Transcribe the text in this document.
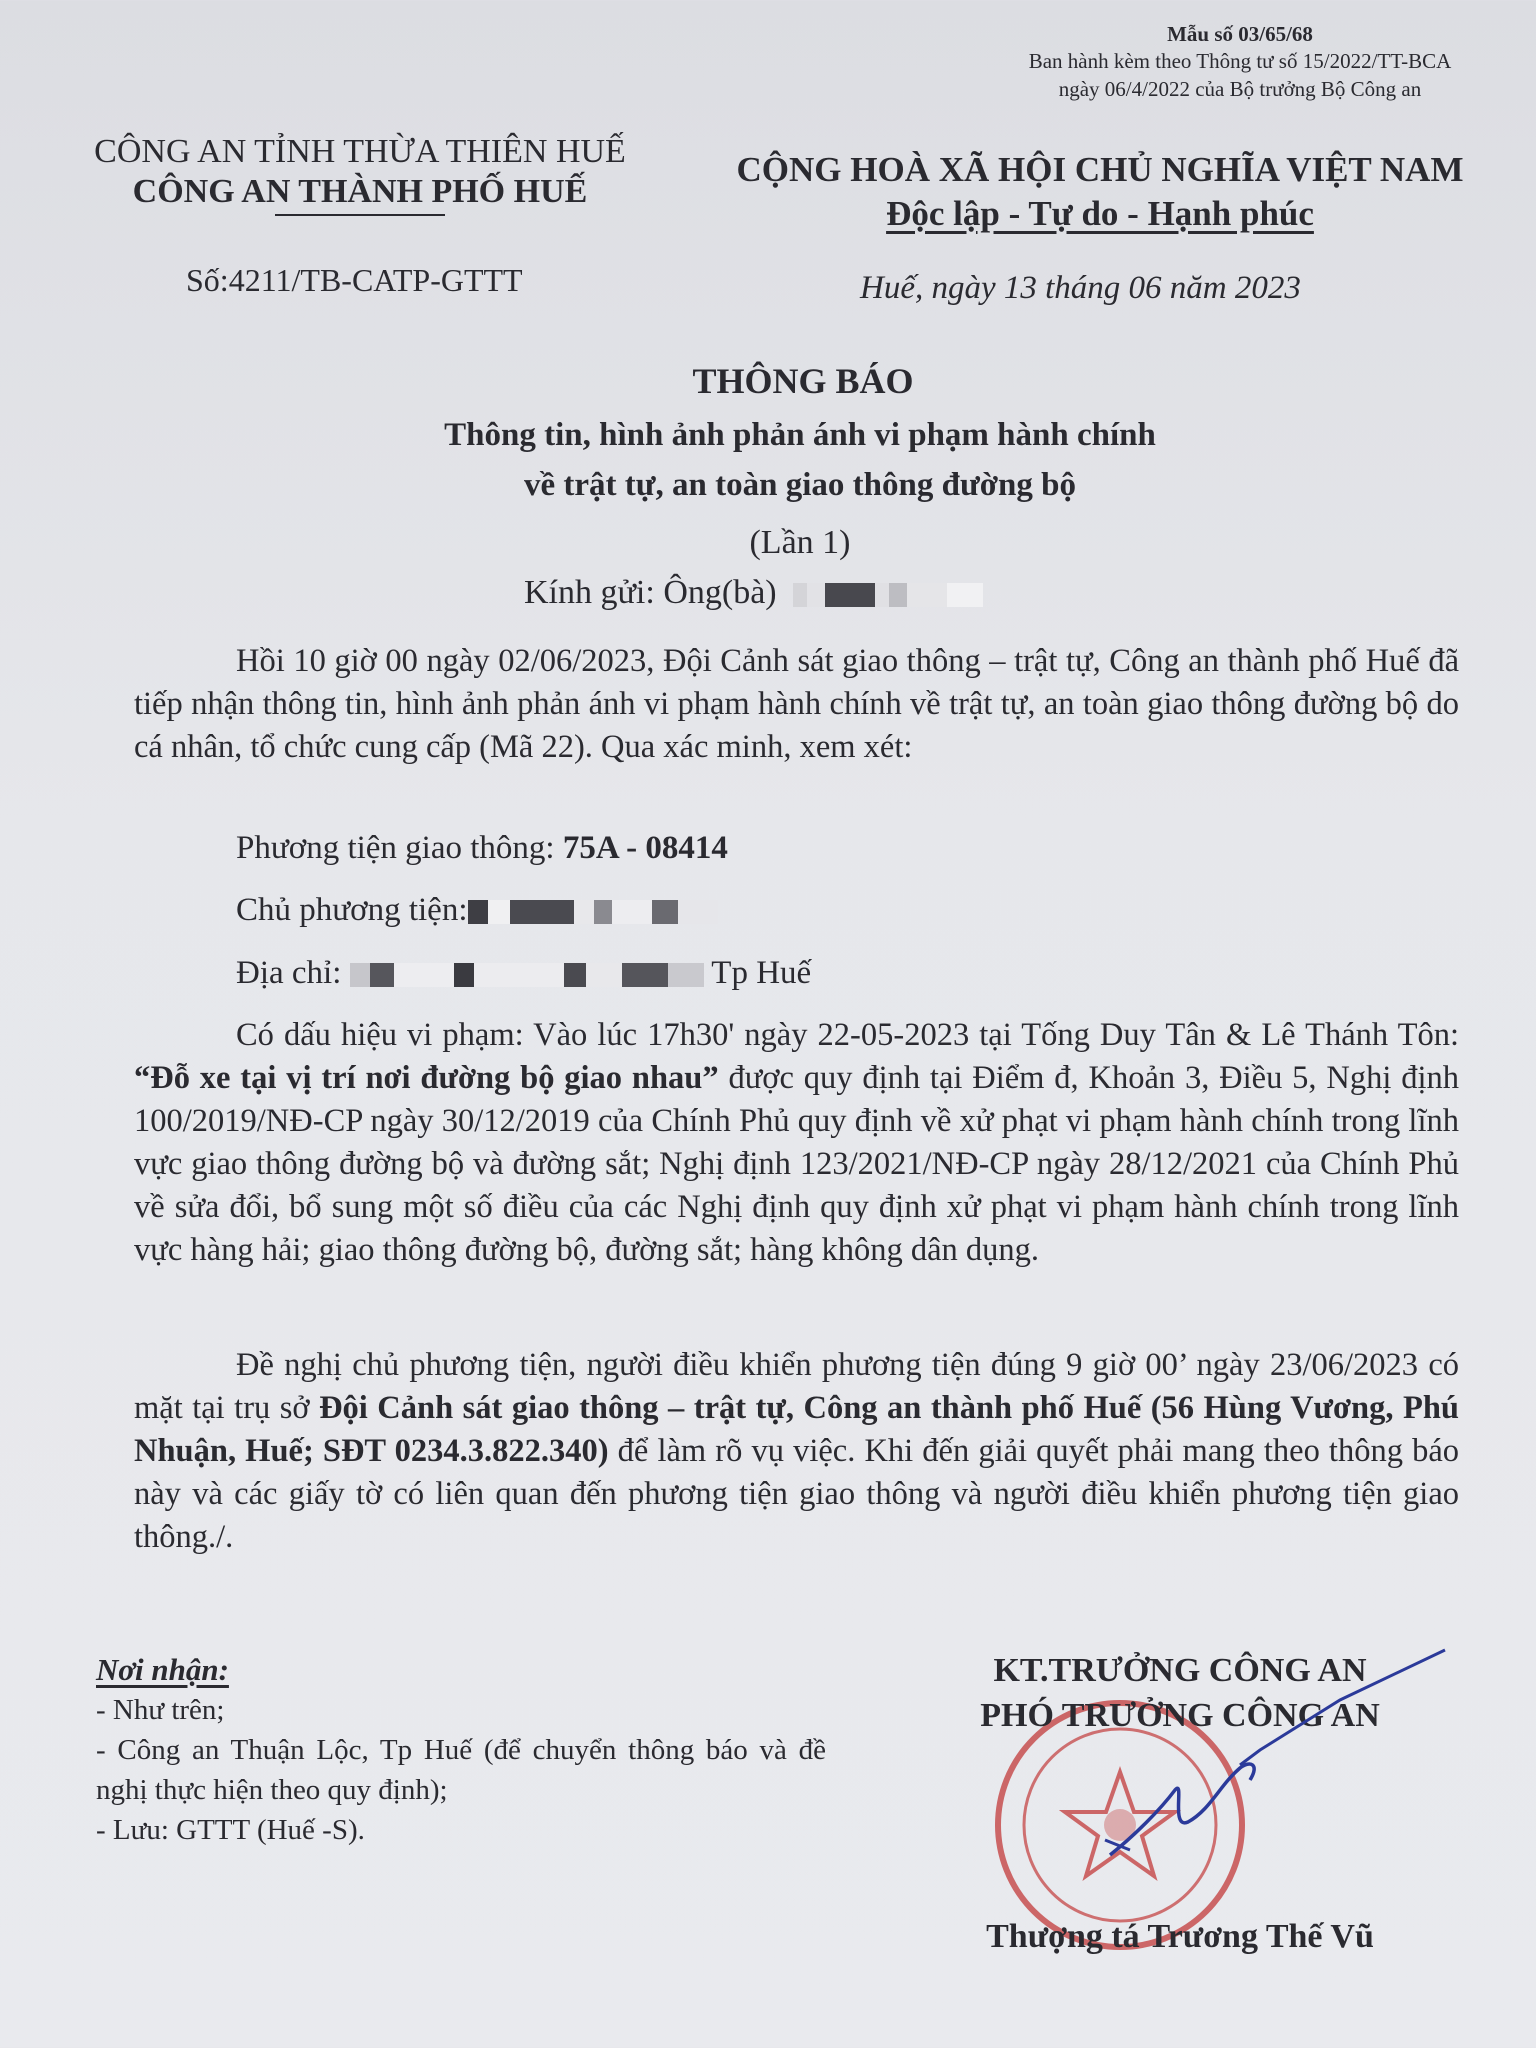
Mẫu số 03/65/68
Ban hành kèm theo Thông tư số 15/2022/TT-BCA
ngày 06/4/2022 của Bộ trưởng Bộ Công an
CÔNG AN TỈNH THỪA THIÊN HUẾ
CÔNG AN THÀNH PHỐ HUẾ
Số:4211/TB-CATP-GTTT
CỘNG HOÀ XÃ HỘI CHỦ NGHĨA VIỆT NAM
Độc lập - Tự do - Hạnh phúc
Huế, ngày 13 tháng 06 năm 2023
THÔNG BÁO
Thông tin, hình ảnh phản ánh vi phạm hành chính
về trật tự, an toàn giao thông đường bộ
(Lần 1)
Kính gửi: Ông(bà)
Hồi 10 giờ 00 ngày 02/06/2023, Đội Cảnh sát giao thông – trật tự, Công an thành phố Huế đã tiếp nhận thông tin, hình ảnh phản ánh vi phạm hành chính về trật tự, an toàn giao thông đường bộ do cá nhân, tổ chức cung cấp (Mã 22). Qua xác minh, xem xét:
Phương tiện giao thông: 75A - 08414
Chủ phương tiện:
Địa chỉ:	Tp Huế
Có dấu hiệu vi phạm: Vào lúc 17h30' ngày 22-05-2023 tại Tống Duy Tân & Lê Thánh Tôn: “Đỗ xe tại vị trí nơi đường bộ giao nhau” được quy định tại Điểm đ, Khoản 3, Điều 5, Nghị định 100/2019/NĐ-CP ngày 30/12/2019 của Chính Phủ quy định về xử phạt vi phạm hành chính trong lĩnh vực giao thông đường bộ và đường sắt; Nghị định 123/2021/NĐ-CP ngày 28/12/2021 của Chính Phủ về sửa đổi, bổ sung một số điều của các Nghị định quy định xử phạt vi phạm hành chính trong lĩnh vực hàng hải; giao thông đường bộ, đường sắt; hàng không dân dụng.
Đề nghị chủ phương tiện, người điều khiển phương tiện đúng 9 giờ 00’ ngày 23/06/2023 có mặt tại trụ sở Đội Cảnh sát giao thông – trật tự, Công an thành phố Huế (56 Hùng Vương, Phú Nhuận, Huế; SĐT 0234.3.822.340) để làm rõ vụ việc. Khi đến giải quyết phải mang theo thông báo này và các giấy tờ có liên quan đến phương tiện giao thông và người điều khiển phương tiện giao thông./.
Nơi nhận:
- Như trên;
- Công an Thuận Lộc, Tp Huế (để chuyển thông báo và đề nghị thực hiện theo quy định);
- Lưu: GTTT (Huế -S).
KT.TRƯỞNG CÔNG AN
PHÓ TRƯỞNG CÔNG AN
Thượng tá Trương Thế Vũ
